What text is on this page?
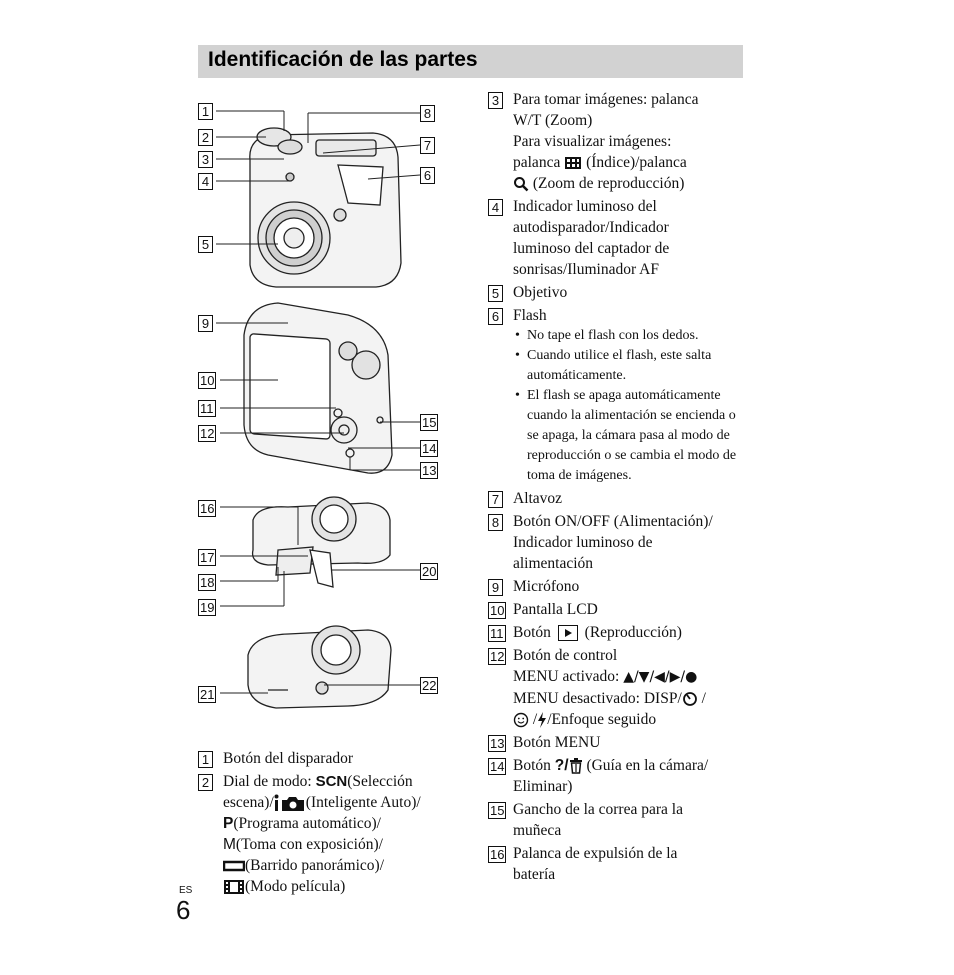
Identificación de las partes
1
2
3
4
5
8
7
6
9
10
11
12
15
14
13
16
17
18
19
20
21
22
1 Botón del disparador
2 Dial de modo: SCN(Selección
escena)/ (Inteligente Auto)/
P(Programa automático)/
M(Toma con exposición)/
(Barrido panorámico)/
(Modo película)
3 Para tomar imágenes: palanca
W/T (Zoom)
Para visualizar imágenes:
palanca  (Índice)/palanca
(Zoom de reproducción)
4 Indicador luminoso del
autodisparador/Indicador
luminoso del captador de
sonrisas/Iluminador AF
5 Objetivo
6 Flash
• No tape el flash con los dedos.
• Cuando utilice el flash, este salta automáticamente.
• El flash se apaga automáticamente cuando la alimentación se encienda o se apaga, la cámara pasa al modo de reproducción o se cambia el modo de toma de imágenes.
7 Altavoz
8 Botón ON/OFF (Alimentación)/
Indicador luminoso de
alimentación
9 Micrófono
10 Pantalla LCD
11 Botón
(Reproducción)
12 Botón de control
MENU activado: ▲/▼/◀/▶/●
MENU desactivado: DISP/ /
/ /Enfoque seguido
13 Botón MENU
14 Botón ?/ (Guía en la cámara/
Eliminar)
15 Gancho de la correa para la
muñeca
16 Palanca de expulsión de la
batería
ES
6
